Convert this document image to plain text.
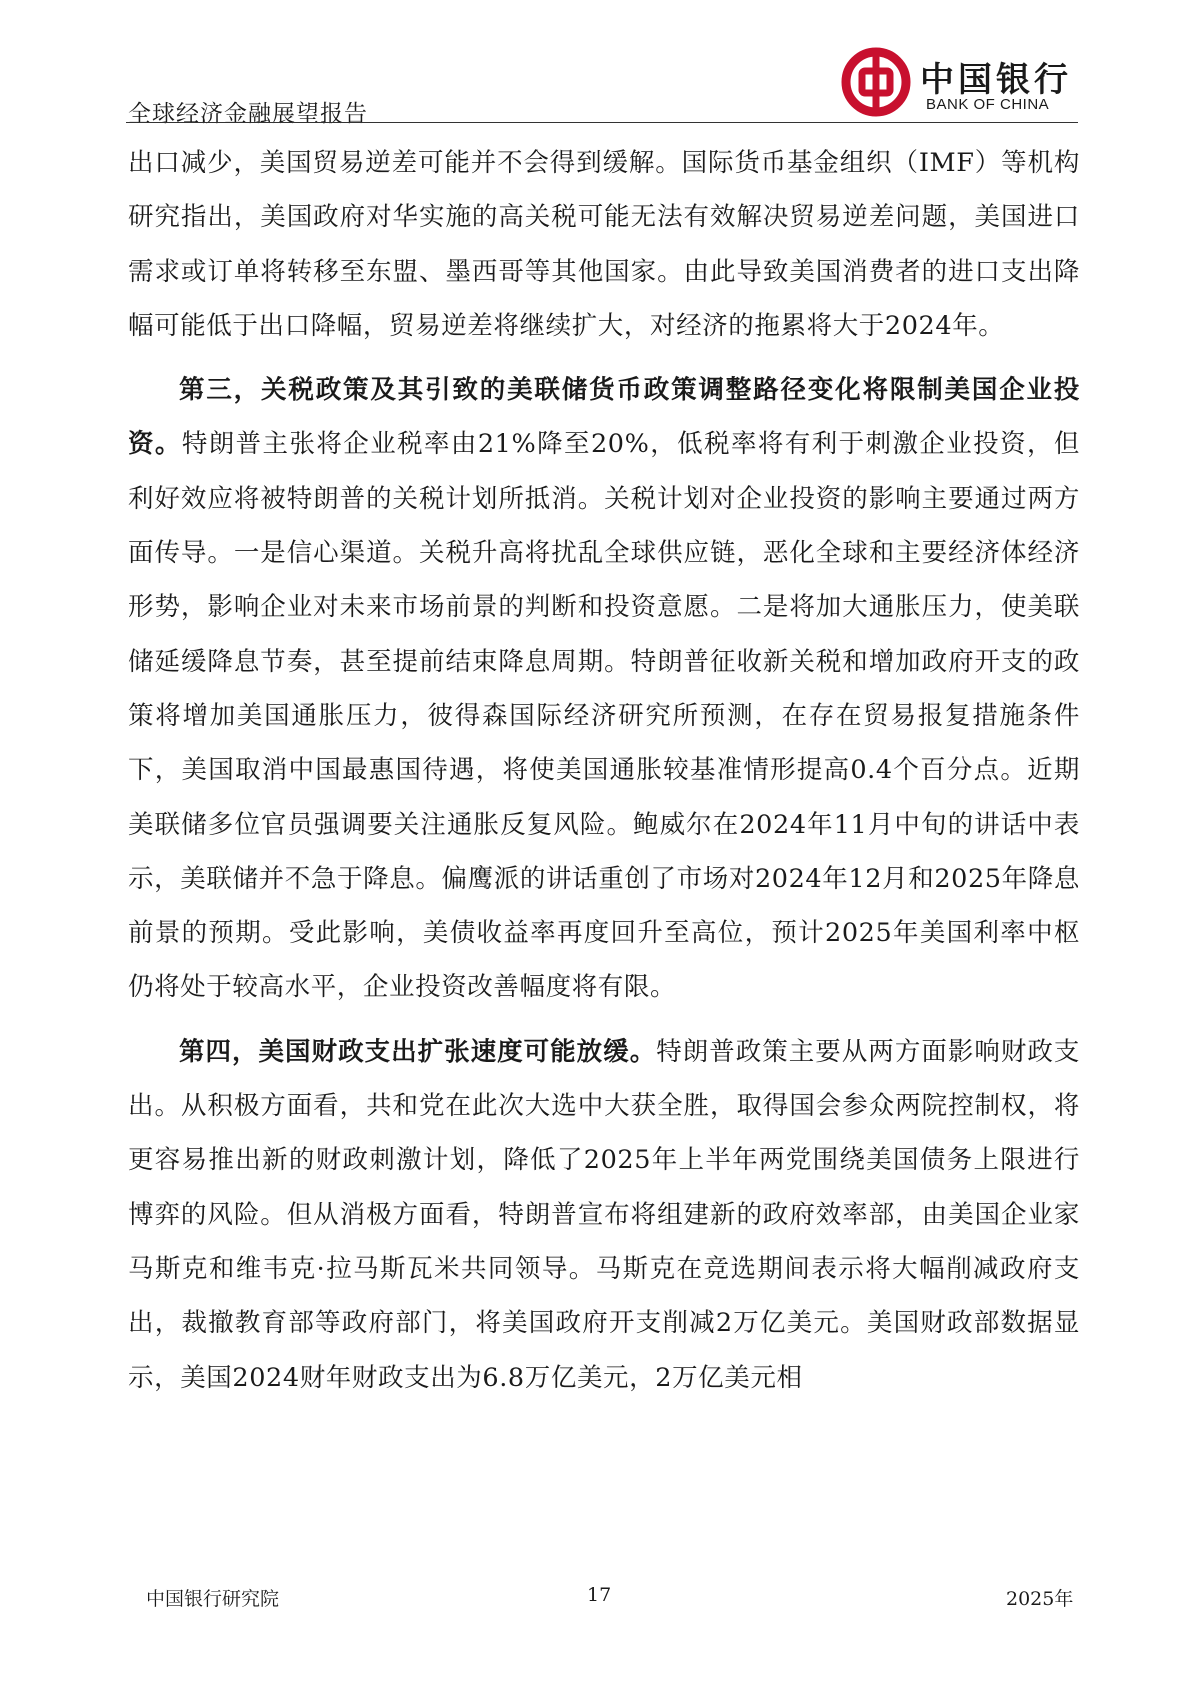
全球经济金融展望报告
中国银行
BANK OF CHINA

出口减少，美国贸易逆差可能并不会得到缓解。国际货币基金组织（IMF）等机构研究指出，美国政府对华实施的高关税可能无法有效解决贸易逆差问题，美国进口需求或订单将转移至东盟、墨西哥等其他国家。由此导致美国消费者的进口支出降幅可能低于出口降幅，贸易逆差将继续扩大，对经济的拖累将大于2024年。

第三，关税政策及其引致的美联储货币政策调整路径变化将限制美国企业投资。特朗普主张将企业税率由21%降至20%，低税率将有利于刺激企业投资，但利好效应将被特朗普的关税计划所抵消。关税计划对企业投资的影响主要通过两方面传导。一是信心渠道。关税升高将扰乱全球供应链，恶化全球和主要经济体经济形势，影响企业对未来市场前景的判断和投资意愿。二是将加大通胀压力，使美联储延缓降息节奏，甚至提前结束降息周期。特朗普征收新关税和增加政府开支的政策将增加美国通胀压力，彼得森国际经济研究所预测，在存在贸易报复措施条件下，美国取消中国最惠国待遇，将使美国通胀较基准情形提高0.4个百分点。近期美联储多位官员强调要关注通胀反复风险。鲍威尔在2024年11月中旬的讲话中表示，美联储并不急于降息。偏鹰派的讲话重创了市场对2024年12月和2025年降息前景的预期。受此影响，美债收益率再度回升至高位，预计2025年美国利率中枢仍将处于较高水平，企业投资改善幅度将有限。

第四，美国财政支出扩张速度可能放缓。特朗普政策主要从两方面影响财政支出。从积极方面看，共和党在此次大选中大获全胜，取得国会参众两院控制权，将更容易推出新的财政刺激计划，降低了2025年上半年两党围绕美国债务上限进行博弈的风险。但从消极方面看，特朗普宣布将组建新的政府效率部，由美国企业家马斯克和维韦克·拉马斯瓦米共同领导。马斯克在竞选期间表示将大幅削减政府支出，裁撤教育部等政府部门，将美国政府开支削减2万亿美元。美国财政部数据显示，美国2024财年财政支出为6.8万亿美元，2万亿美元相

中国银行研究院	17	2025年
